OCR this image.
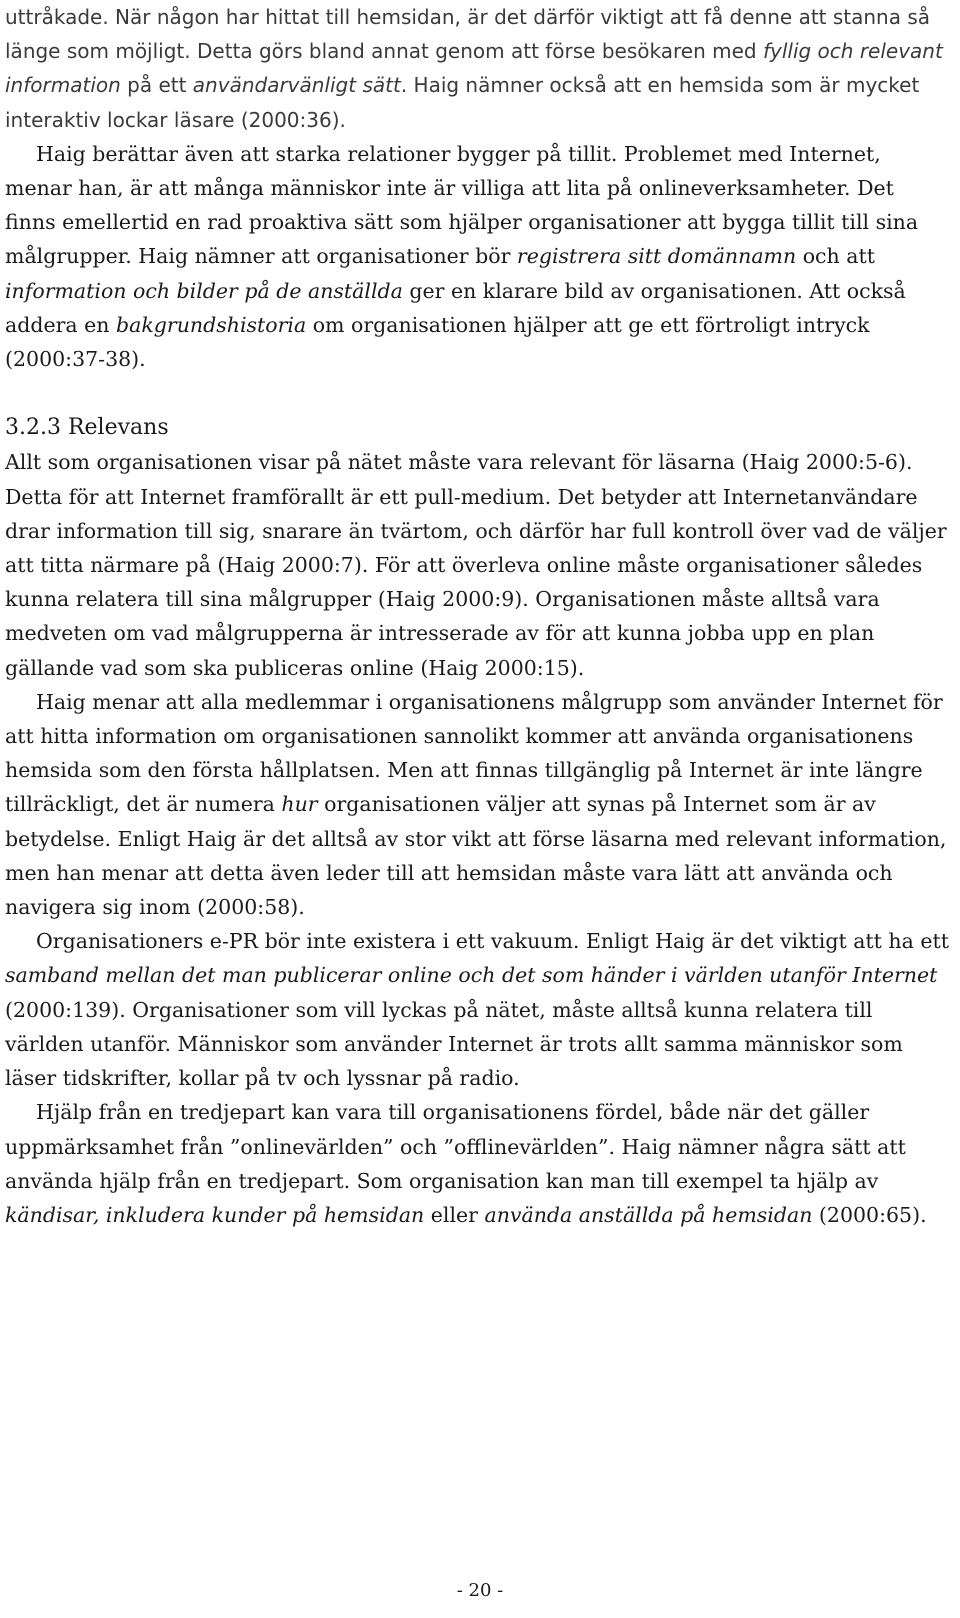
uttråkade. När någon har hittat till hemsidan, är det därför viktigt att få denne att stanna så länge som möjligt. Detta görs bland annat genom att förse besökaren med fyllig och relevant information på ett användarvänligt sätt. Haig nämner också att en hemsida som är mycket interaktiv lockar läsare (2000:36).

Haig berättar även att starka relationer bygger på tillit. Problemet med Internet, menar han, är att många människor inte är villiga att lita på onlineverksamheter. Det finns emellertid en rad proaktiva sätt som hjälper organisationer att bygga tillit till sina målgrupper. Haig nämner att organisationer bör registrera sitt domännamn och att information och bilder på de anställda ger en klarare bild av organisationen. Att också addera en bakgrundshistoria om organisationen hjälper att ge ett förtroligt intryck (2000:37-38).

3.2.3 Relevans

Allt som organisationen visar på nätet måste vara relevant för läsarna (Haig 2000:5-6). Detta för att Internet framförallt är ett pull-medium. Det betyder att Internetanvändare drar information till sig, snarare än tvärtom, och därför har full kontroll över vad de väljer att titta närmare på (Haig 2000:7). För att överleva online måste organisationer således kunna relatera till sina målgrupper (Haig 2000:9). Organisationen måste alltså vara medveten om vad målgrupperna är intresserade av för att kunna jobba upp en plan gällande vad som ska publiceras online (Haig 2000:15).

Haig menar att alla medlemmar i organisationens målgrupp som använder Internet för att hitta information om organisationen sannolikt kommer att använda organisationens hemsida som den första hållplatsen. Men att finnas tillgänglig på Internet är inte längre tillräckligt, det är numera hur organisationen väljer att synas på Internet som är av betydelse. Enligt Haig är det alltså av stor vikt att förse läsarna med relevant information, men han menar att detta även leder till att hemsidan måste vara lätt att använda och navigera sig inom (2000:58).

Organisationers e-PR bör inte existera i ett vakuum. Enligt Haig är det viktigt att ha ett samband mellan det man publicerar online och det som händer i världen utanför Internet (2000:139). Organisationer som vill lyckas på nätet, måste alltså kunna relatera till världen utanför. Människor som använder Internet är trots allt samma människor som läser tidskrifter, kollar på tv och lyssnar på radio.

Hjälp från en tredjepart kan vara till organisationens fördel, både när det gäller uppmärksamhet från ”onlinevärlden” och ”offlinevärlden”. Haig nämner några sätt att använda hjälp från en tredjepart. Som organisation kan man till exempel ta hjälp av kändisar, inkludera kunder på hemsidan eller använda anställda på hemsidan (2000:65).

- 20 -
